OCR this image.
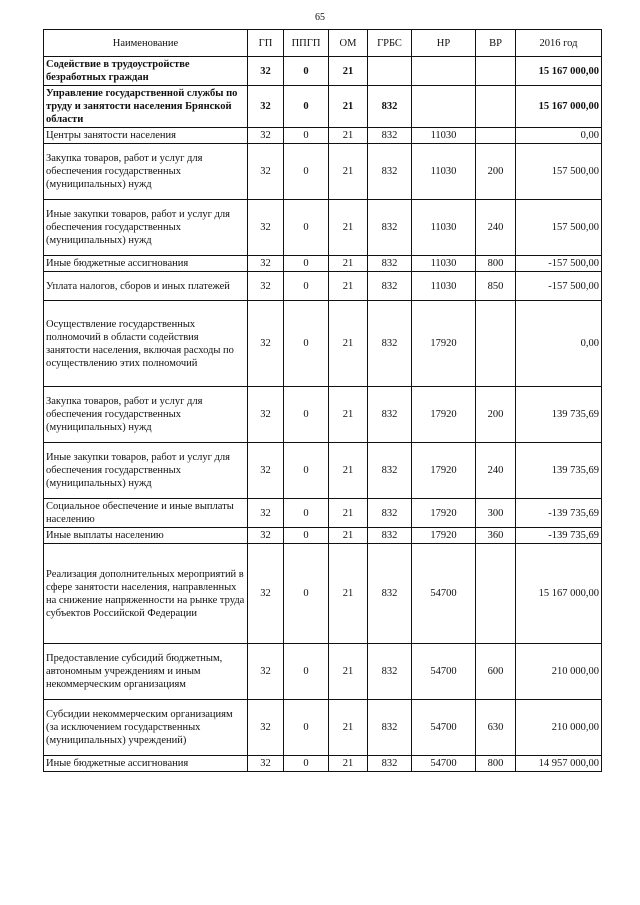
65
Наименование	ГП	ППГП	ОМ	ГРБС	НР	ВР	2016 год
Содействие в трудоустройстве безработных граждан	32	0	21				15 167 000,00
Управление государственной службы по труду и занятости населения Брянской области	32	0	21	832			15 167 000,00
Центры занятости населения	32	0	21	832	11030		0,00
Закупка товаров, работ и услуг для обеспечения государственных (муниципальных) нужд	32	0	21	832	11030	200	157 500,00
Иные закупки товаров, работ и услуг для обеспечения государственных (муниципальных) нужд	32	0	21	832	11030	240	157 500,00
Иные бюджетные ассигнования	32	0	21	832	11030	800	-157 500,00
Уплата налогов, сборов и иных платежей	32	0	21	832	11030	850	-157 500,00
Осуществление государственных полномочий в области содействия занятости населения, включая расходы по осуществлению этих полномочий	32	0	21	832	17920		0,00
Закупка товаров, работ и услуг для обеспечения государственных (муниципальных) нужд	32	0	21	832	17920	200	139 735,69
Иные закупки товаров, работ и услуг для обеспечения государственных (муниципальных) нужд	32	0	21	832	17920	240	139 735,69
Социальное обеспечение и иные выплаты населению	32	0	21	832	17920	300	-139 735,69
Иные выплаты населению	32	0	21	832	17920	360	-139 735,69
Реализация дополнительных мероприятий в сфере занятости населения, направленных на снижение напряженности на рынке труда субъектов Российской Федерации	32	0	21	832	54700		15 167 000,00
Предоставление субсидий бюджетным, автономным учреждениям и иным некоммерческим организациям	32	0	21	832	54700	600	210 000,00
Субсидии некоммерческим организациям (за исключением государственных (муниципальных) учреждений)	32	0	21	832	54700	630	210 000,00
Иные бюджетные ассигнования	32	0	21	832	54700	800	14 957 000,00
